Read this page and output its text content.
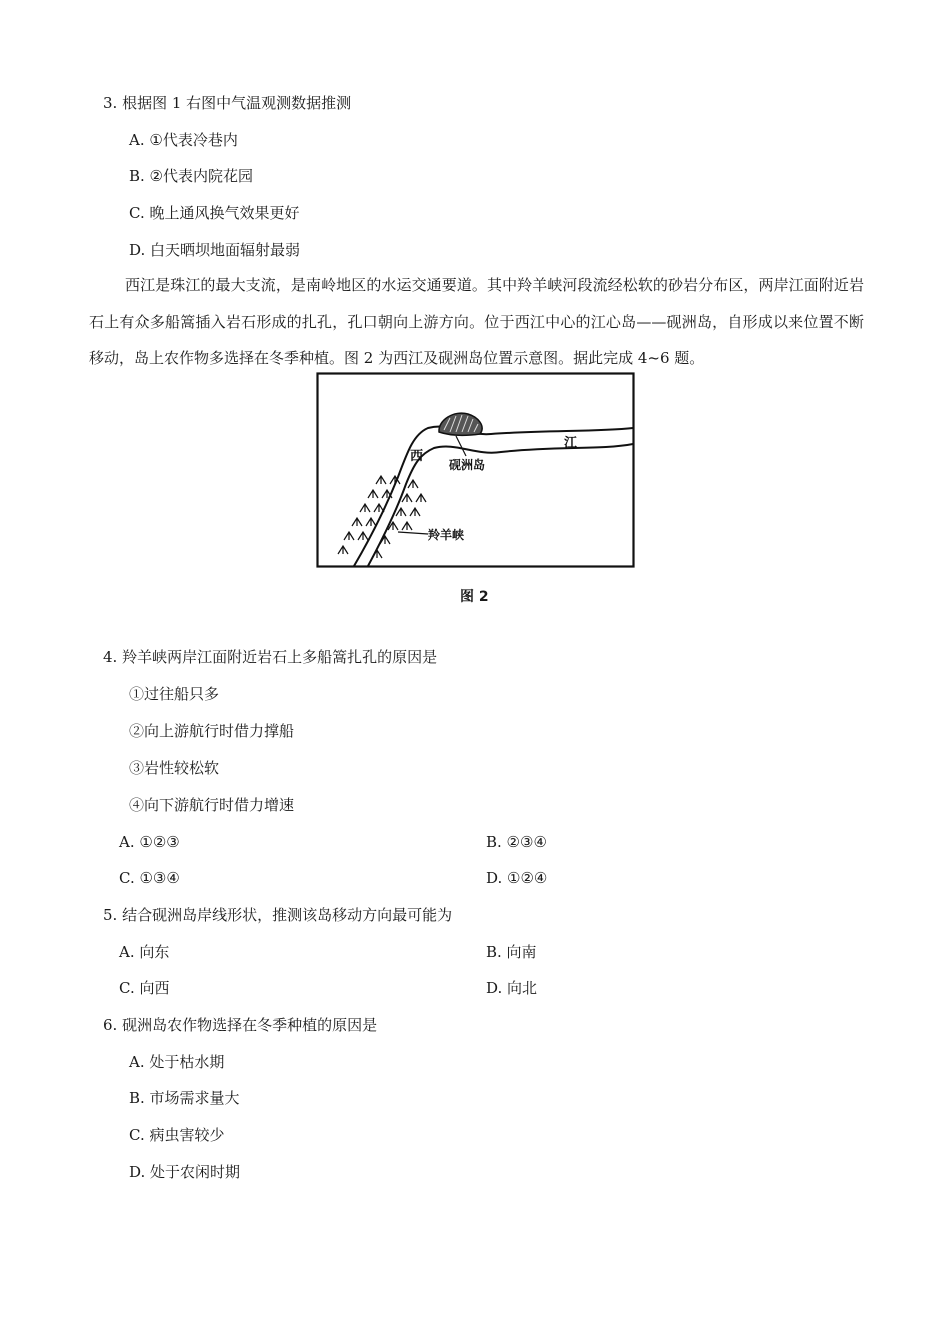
3. 根据图 1 右图中气温观测数据推测
A. ①代表冷巷内
B. ②代表内院花园
C. 晚上通风换气效果更好
D. 白天晒坝地面辐射最弱
西江是珠江的最大支流，是南岭地区的水运交通要道。其中羚羊峡河段流经松软的砂岩分布区，两岸江面附近岩石上有众多船篙插入岩石形成的扎孔，孔口朝向上游方向。位于西江中心的江心岛——砚洲岛，自形成以来位置不断移动，岛上农作物多选择在冬季种植。图 2 为西江及砚洲岛位置示意图。据此完成 4~6 题。
西
江
砚洲岛
羚羊峡
图 2
4. 羚羊峡两岸江面附近岩石上多船篙扎孔的原因是
①过往船只多
②向上游航行时借力撑船
③岩性较松软
④向下游航行时借力增速
A. ①②③	B. ②③④
C. ①③④	D. ①②④
5. 结合砚洲岛岸线形状，推测该岛移动方向最可能为
A. 向东	B. 向南
C. 向西	D. 向北
6. 砚洲岛农作物选择在冬季种植的原因是
A. 处于枯水期
B. 市场需求量大
C. 病虫害较少
D. 处于农闲时期
